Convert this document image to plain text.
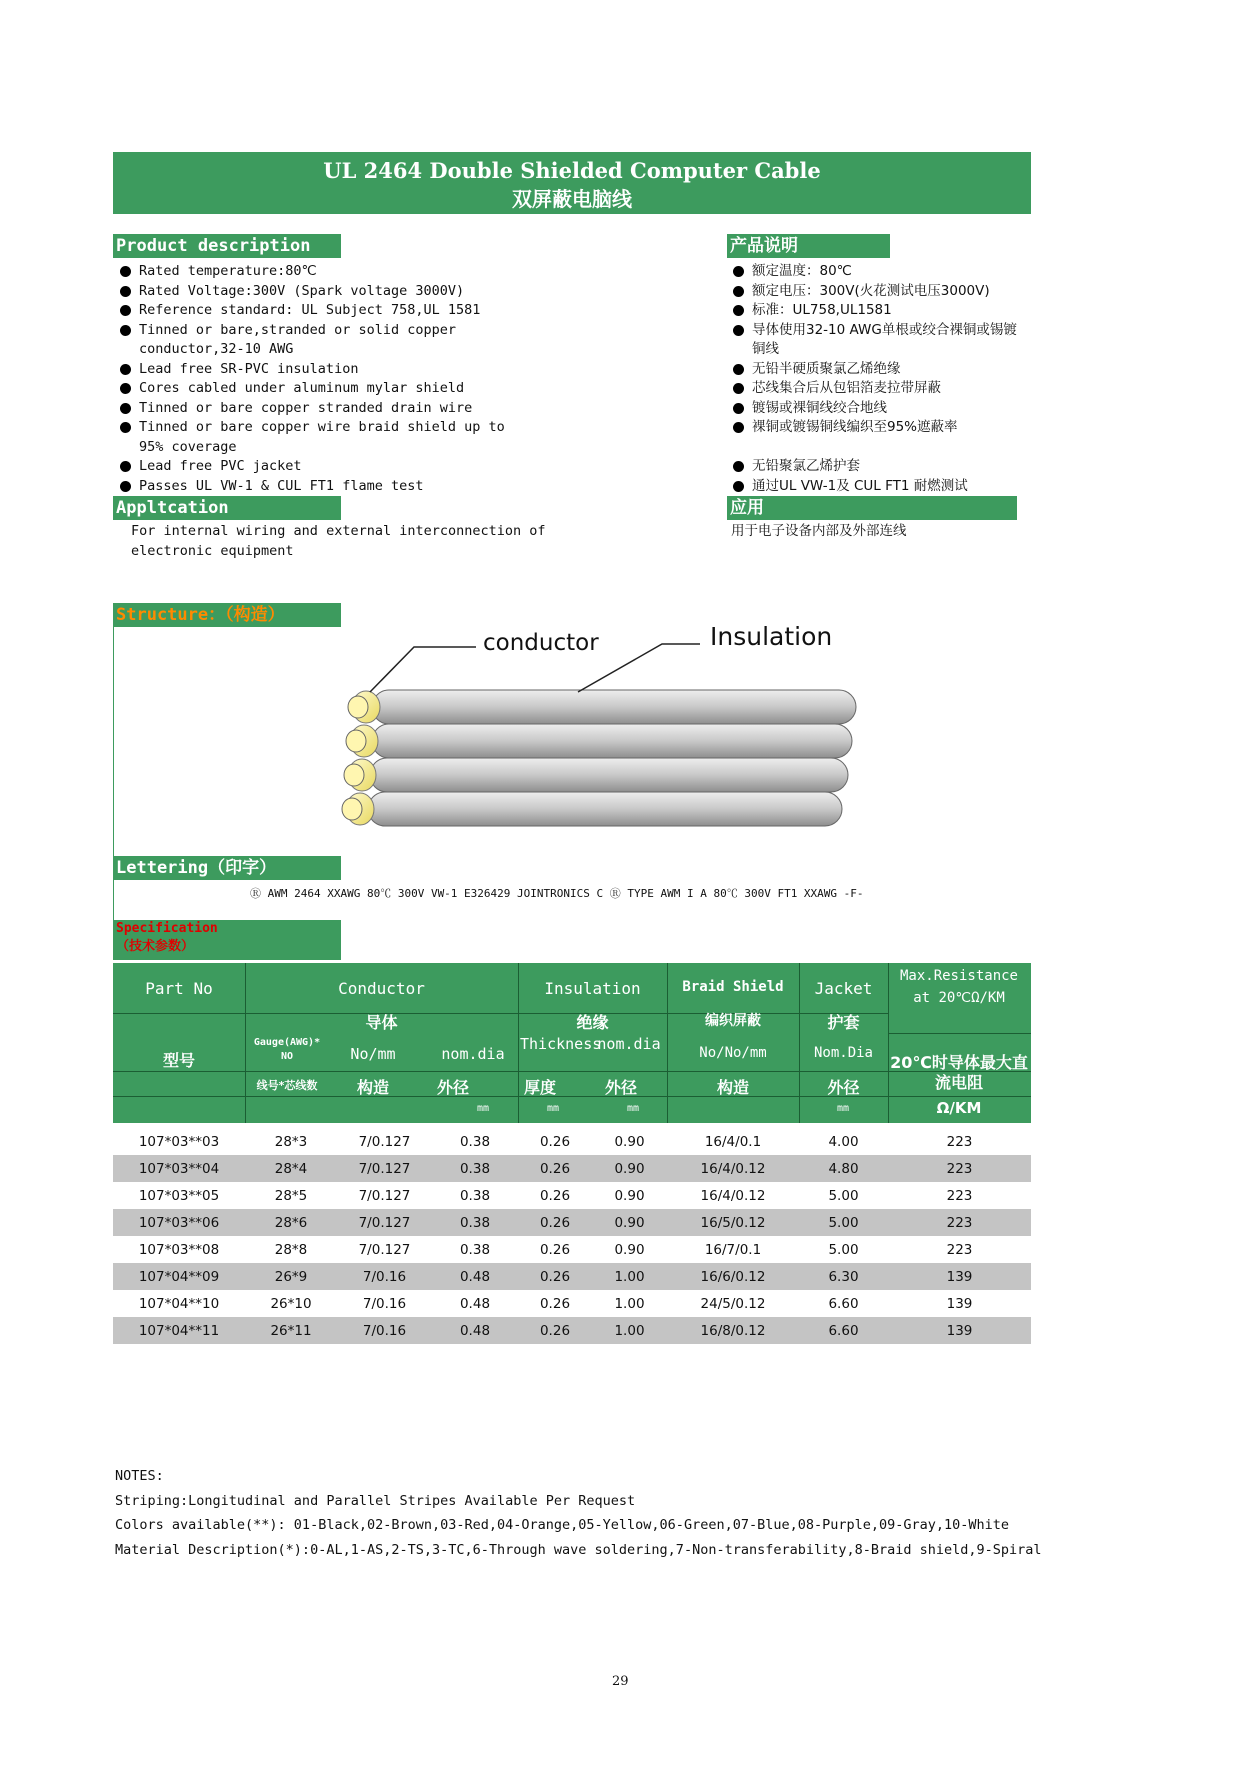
UL 2464 Double Shielded Computer Cable
双屏蔽电脑线
Product description	产品说明
Rated temperature:80℃
Rated Voltage:300V (Spark voltage 3000V)
Reference standard: UL Subject 758,UL 1581
Tinned or bare,stranded or solid copper conductor,32-10 AWG
Lead free SR-PVC insulation
Cores cabled under aluminum mylar shield
Tinned or bare copper stranded drain wire
Tinned or bare copper wire braid shield up to 95% coverage
Lead free PVC jacket
Passes UL VW-1 & CUL FT1 flame test
额定温度：80℃
额定电压：300V(火花测试电压3000V)
标准：UL758,UL1581
导体使用32-10 AWG单根或绞合裸铜或锡镀铜线
无铅半硬质聚氯乙烯绝缘
芯线集合后从包铝箔麦拉带屏蔽
镀锡或裸铜线绞合地线
裸铜或镀锡铜线编织至95%遮蔽率
无铅聚氯乙烯护套
通过UL VW-1及 CUL FT1 耐燃测试
Appltcation	应用
For internal wiring and external interconnection of electronic equipment
用于电子设备内部及外部连线
Structure：（构造）
conductor	Insulation
Lettering（印字）
Ⓡ AWM 2464 XXAWG 80℃ 300V VW-1 E326429 JOINTRONICS C Ⓡ TYPE AWM I A 80℃ 300V FT1 XXAWG -F-
Specification
（技术参数）
Part No
型号
Conductor
导体
Gauge(AWG)* NO
线号*芯线数
No/mm
构造
nom.dia
外径
mm
Insulation
绝缘
Thickness
厚度
nom.dia
外径
mm	mm
Braid Shield
编织屏蔽
No/No/mm
构造
Jacket
护套
Nom.Dia
外径
mm
Max.Resistance at 20℃Ω/KM
20℃时导体最大直流电阻
Ω/KM
107*03**03	28*3	7/0.127	0.38	0.26	0.90	16/4/0.1	4.00	223
107*03**04	28*4	7/0.127	0.38	0.26	0.90	16/4/0.12	4.80	223
107*03**05	28*5	7/0.127	0.38	0.26	0.90	16/4/0.12	5.00	223
107*03**06	28*6	7/0.127	0.38	0.26	0.90	16/5/0.12	5.00	223
107*03**08	28*8	7/0.127	0.38	0.26	0.90	16/7/0.1	5.00	223
107*04**09	26*9	7/0.16	0.48	0.26	1.00	16/6/0.12	6.30	139
107*04**10	26*10	7/0.16	0.48	0.26	1.00	24/5/0.12	6.60	139
107*04**11	26*11	7/0.16	0.48	0.26	1.00	16/8/0.12	6.60	139
NOTES:
Striping:Longitudinal and Parallel Stripes Available Per Request
Colors available(**): 01-Black,02-Brown,03-Red,04-Orange,05-Yellow,06-Green,07-Blue,08-Purple,09-Gray,10-White
Material Description(*):0-AL,1-AS,2-TS,3-TC,6-Through wave soldering,7-Non-transferability,8-Braid shield,9-Spiral
29
